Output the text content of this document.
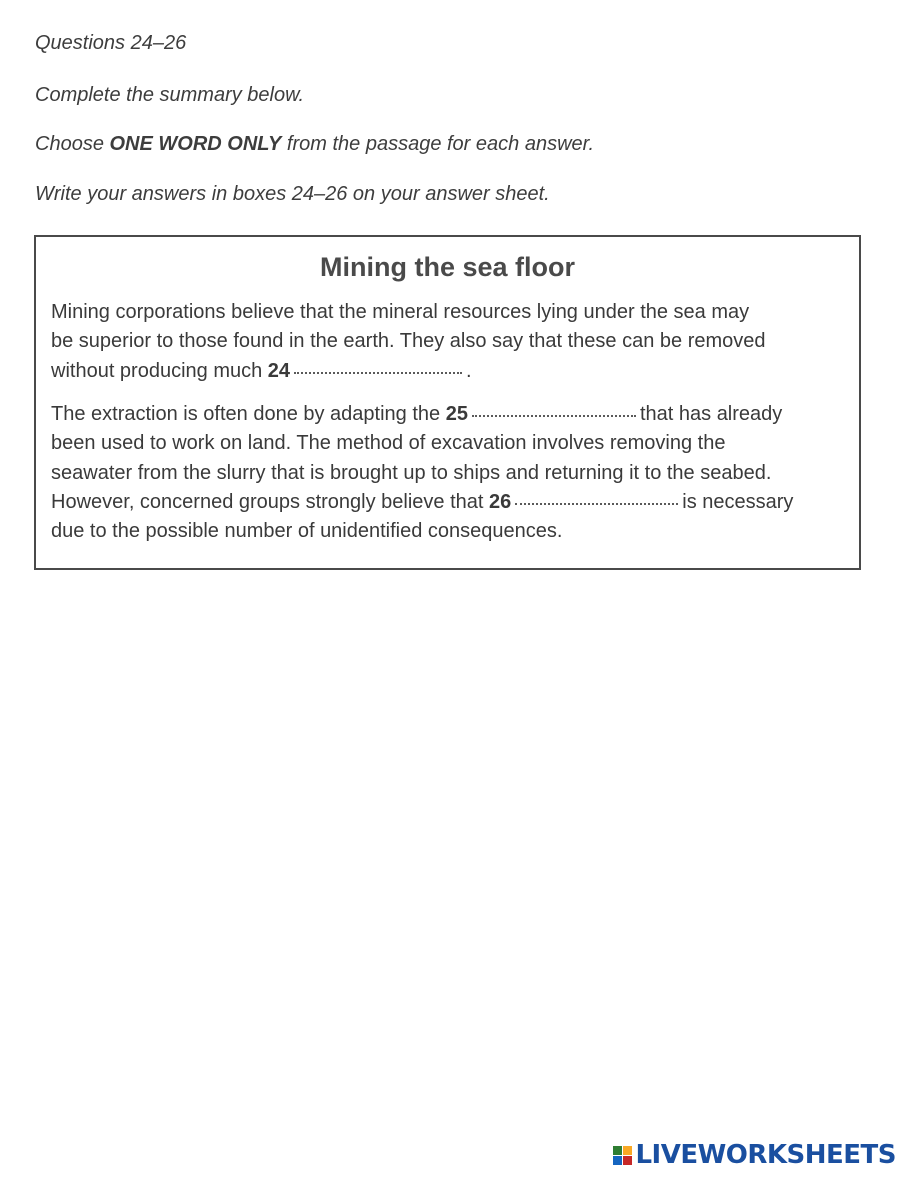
Questions 24–26

Complete the summary below.

Choose ONE WORD ONLY from the passage for each answer.

Write your answers in boxes 24–26 on your answer sheet.

Mining the sea floor

Mining corporations believe that the mineral resources lying under the sea may
be superior to those found in the earth. They also say that these can be removed
without producing much 24	.

The extraction is often done by adapting the 25	that has already
been used to work on land. The method of excavation involves removing the
seawater from the slurry that is brought up to ships and returning it to the seabed.
However, concerned groups strongly believe that 26	is necessary
due to the possible number of unidentified consequences.

LIVEWORKSHEETS
